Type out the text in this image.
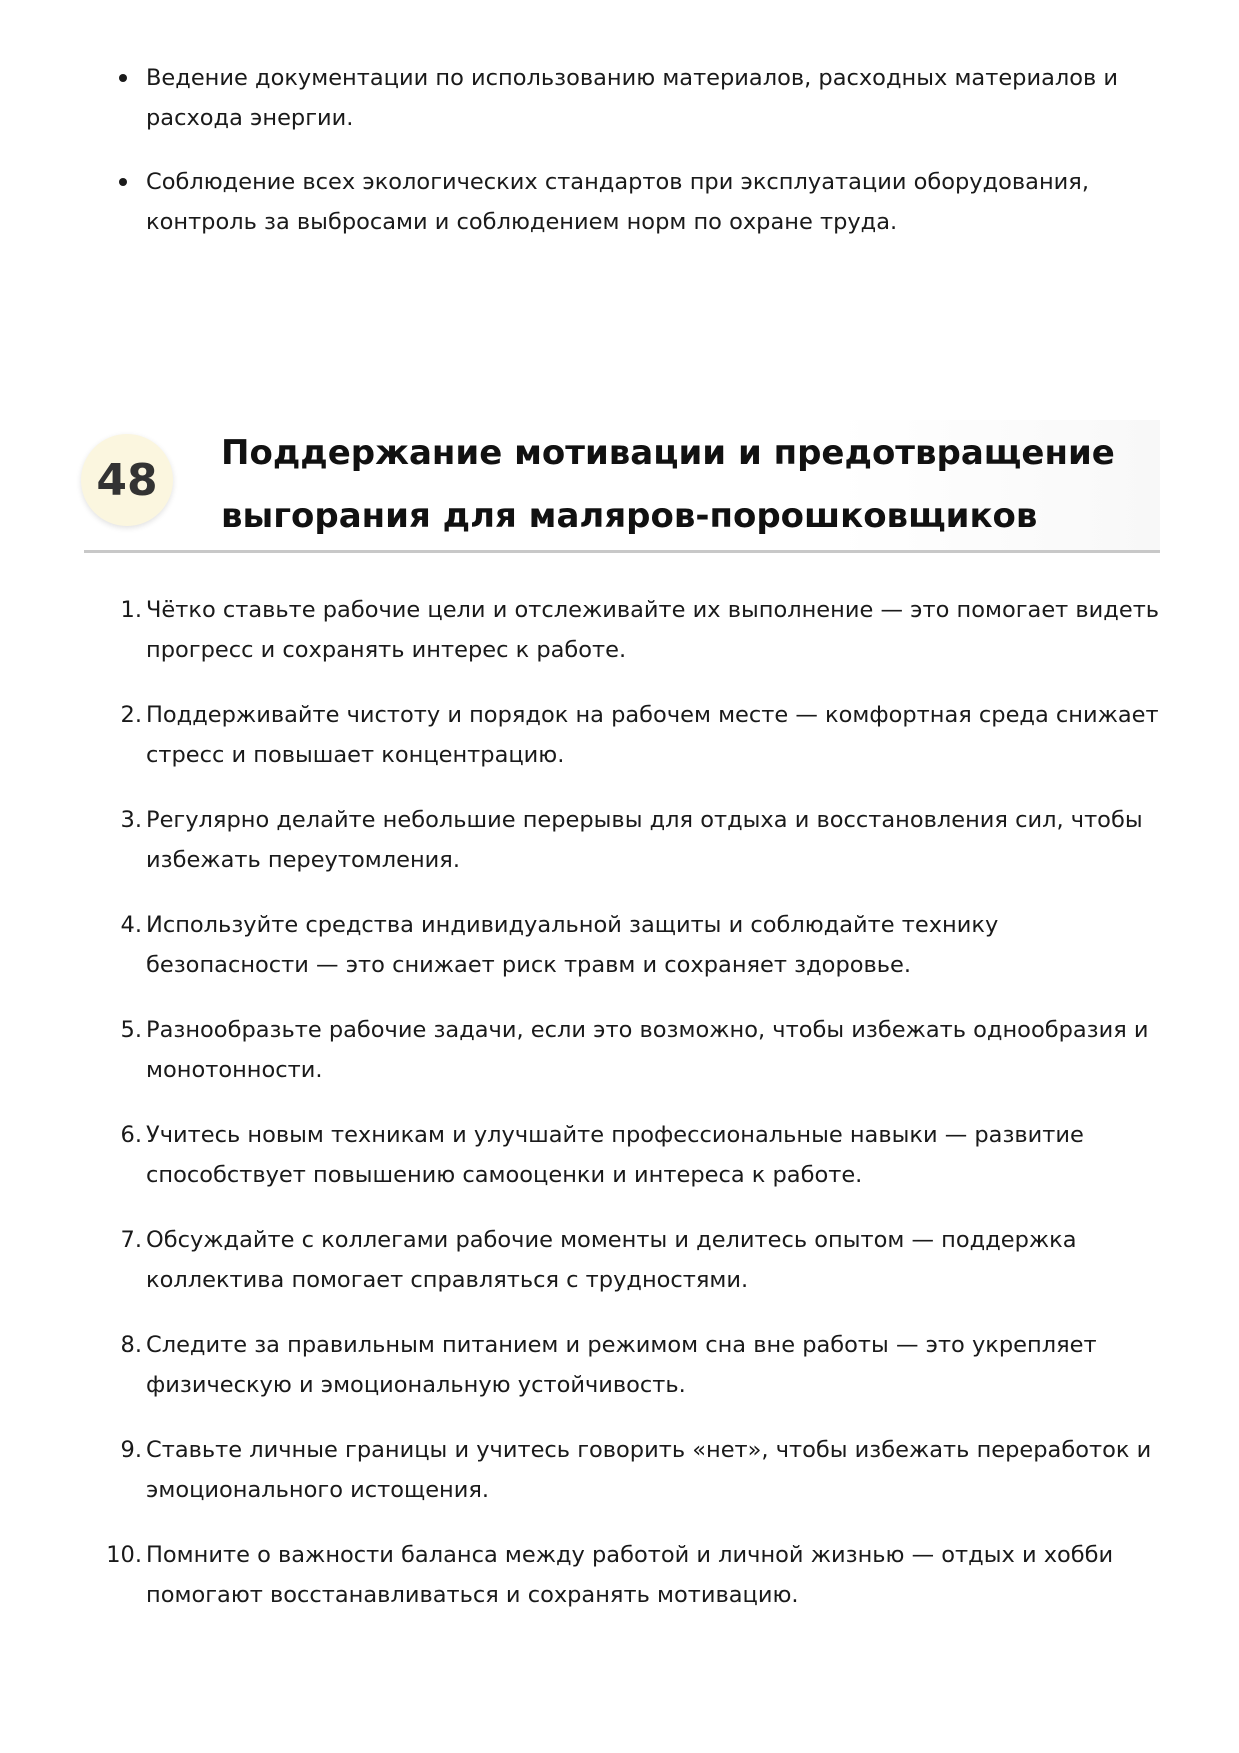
Ведение документации по использованию материалов, расходных материалов и расхода энергии.
Соблюдение всех экологических стандартов при эксплуатации оборудования, контроль за выбросами и соблюдением норм по охране труда.
48
Поддержание мотивации и предотвращение
выгорания для маляров-порошковщиков
1. Чётко ставьте рабочие цели и отслеживайте их выполнение — это помогает видеть прогресс и сохранять интерес к работе.
2. Поддерживайте чистоту и порядок на рабочем месте — комфортная среда снижает стресс и повышает концентрацию.
3. Регулярно делайте небольшие перерывы для отдыха и восстановления сил, чтобы избежать переутомления.
4. Используйте средства индивидуальной защиты и соблюдайте технику безопасности — это снижает риск травм и сохраняет здоровье.
5. Разнообразьте рабочие задачи, если это возможно, чтобы избежать однообразия и монотонности.
6. Учитесь новым техникам и улучшайте профессиональные навыки — развитие способствует повышению самооценки и интереса к работе.
7. Обсуждайте с коллегами рабочие моменты и делитесь опытом — поддержка коллектива помогает справляться с трудностями.
8. Следите за правильным питанием и режимом сна вне работы — это укрепляет физическую и эмоциональную устойчивость.
9. Ставьте личные границы и учитесь говорить «нет», чтобы избежать переработок и эмоционального истощения.
10. Помните о важности баланса между работой и личной жизнью — отдых и хобби помогают восстанавливаться и сохранять мотивацию.
